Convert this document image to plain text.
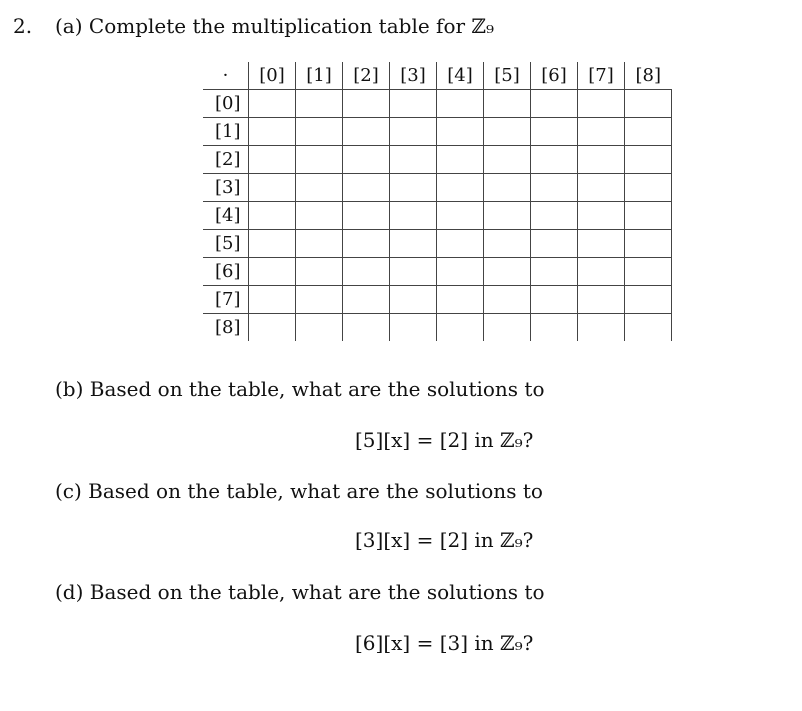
2. (a) Complete the multiplication table for ℤ₉
·	[0]	[1]	[2]	[3]	[4]	[5]	[6]	[7]	[8]
[0]									
[1]									
[2]									
[3]									
[4]									
[5]									
[6]									
[7]									
[8]									
(b) Based on the table, what are the solutions to
[5][x] = [2] in ℤ₉?
(c) Based on the table, what are the solutions to
[3][x] = [2] in ℤ₉?
(d) Based on the table, what are the solutions to
[6][x] = [3] in ℤ₉?
